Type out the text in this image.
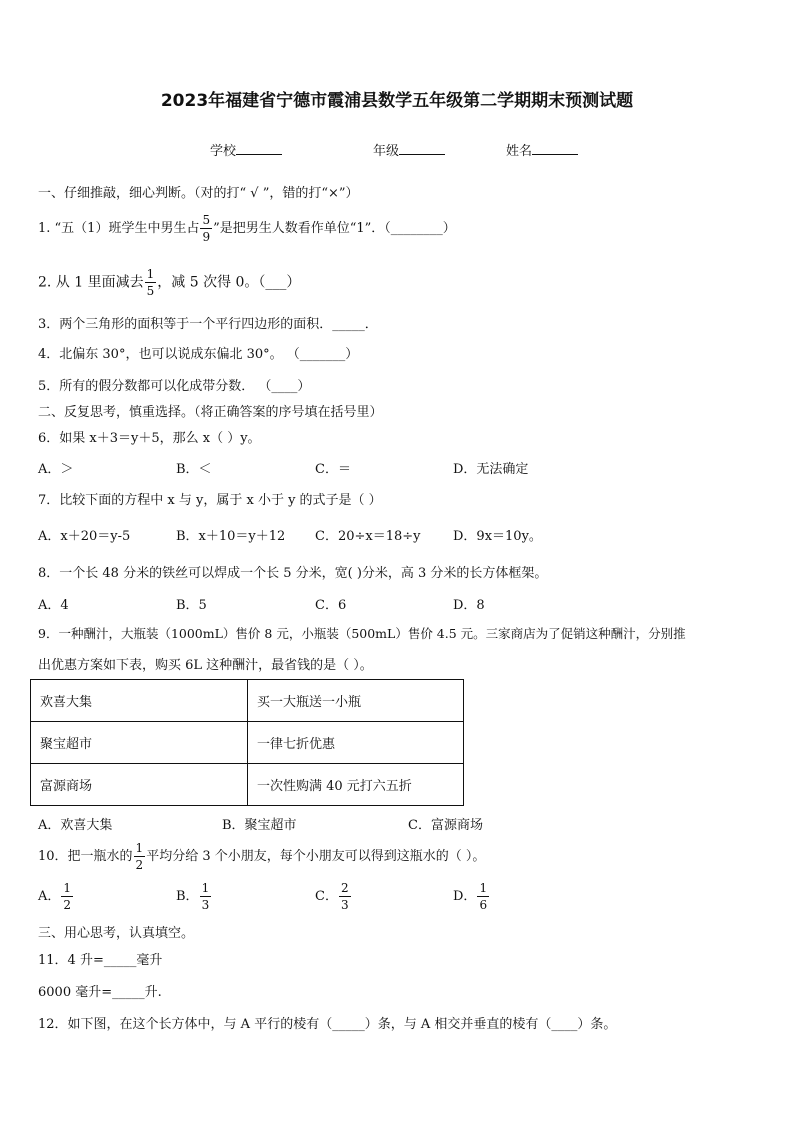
2023年福建省宁德市霞浦县数学五年级第二学期期末预测试题
学校	年级	姓名
一、仔细推敲，细心判断。（对的打“ √ ”，错的打“×”）
1. “五（1）班学生中男生占 $\frac{5}{9}$ ”是把男生人数看作单位“1”．（________）
2. 从 1 里面减去 $\frac{1}{5}$ ，减 5 次得 0。（___）
3．两个三角形的面积等于一个平行四边形的面积．_____．
4．北偏东 30°，也可以说成东偏北 30°。 （_______）
5．所有的假分数都可以化成带分数． （____）
二、反复思考，慎重选择。（将正确答案的序号填在括号里）
6．如果 x＋3＝y＋5，那么 x（ ）y。
A．＞	B．＜	C．＝	D．无法确定
7．比较下面的方程中 x 与 y，属于 x 小于 y 的式子是（ ）
A．x＋20＝y-5	B．x＋10＝y＋12 C．20÷x＝18÷y	D．9x＝10y。
8．一个长 48 分米的铁丝可以焊成一个长 5 分米，宽( )分米，高 3 分米的长方体框架。
A．4	B．5	C．6	D．8
9．一种酬汁，大瓶装（1000mL）售价 8 元，小瓶装（500mL）售价 4.5 元。三家商店为了促销这种酬汁，分别推
出优惠方案如下表，购买 6L 这种酬汁，最省钱的是（ ）。
欢喜大集	买一大瓶送一小瓶
聚宝超市	一律七折优惠
富源商场	一次性购满 40 元打六五折
A．欢喜大集	B．聚宝超市	C．富源商场
10．把一瓶水的 $\frac{1}{2}$ 平均分给 3 个小朋友，每个小朋友可以得到这瓶水的（ ）。
A． $\frac{1}{2}$	B． $\frac{1}{3}$	C． $\frac{2}{3}$	D． $\frac{1}{6}$
三、用心思考，认真填空。
11．4 升=_____毫升
6000 毫升=_____升.
12．如下图，在这个长方体中，与 A 平行的棱有（_____）条，与 A 相交并垂直的棱有（____）条。
